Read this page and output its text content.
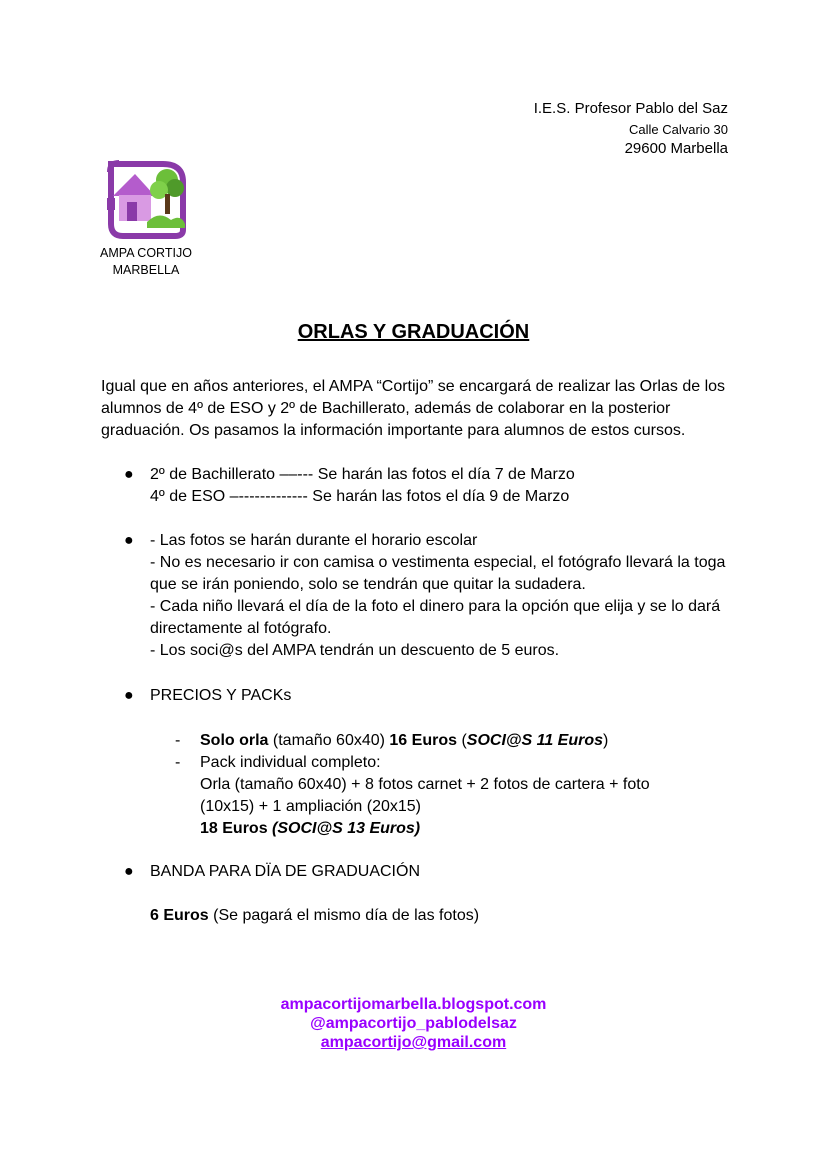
I.E.S. Profesor Pablo del Saz
Calle Calvario 30
29600 Marbella
AMPA CORTIJO
MARBELLA
ORLAS Y GRADUACIÓN

Igual que en años anteriores, el AMPA “Cortijo” se encargará de realizar las Orlas de los alumnos de 4º de ESO y 2º de Bachillerato, además de colaborar en la posterior graduación. Os pasamos la información importante para alumnos de estos cursos.

● 2º de Bachillerato ––--- Se harán las fotos el día 7 de Marzo

4º de ESO –------------- Se harán las fotos el día 9 de Marzo

● - Las fotos se harán durante el horario escolar

- No es necesario ir con camisa o vestimenta especial, el fotógrafo llevará la toga que se irán poniendo, solo se tendrán que quitar la sudadera.

- Cada niño llevará el día de la foto el dinero para la opción que elija y se lo dará directamente al fotógrafo.

- Los soci@s del AMPA tendrán un descuento de 5 euros.

● PRECIOS Y PACKs
- Solo orla (tamaño 60x40) 16 Euros (SOCI@S 11 Euros)
- Pack individual completo:

Orla (tamaño 60x40) + 8 fotos carnet + 2 fotos de cartera + foto (10x15) + 1 ampliación (20x15)

18 Euros (SOCI@S 13 Euros)

● BANDA PARA DÏA DE GRADUACIÓN
6 Euros (Se pagará el mismo día de las fotos)
ampacortijomarbella.blogspot.com
@ampacortijo_pablodelsaz
ampacortijo@gmail.com
